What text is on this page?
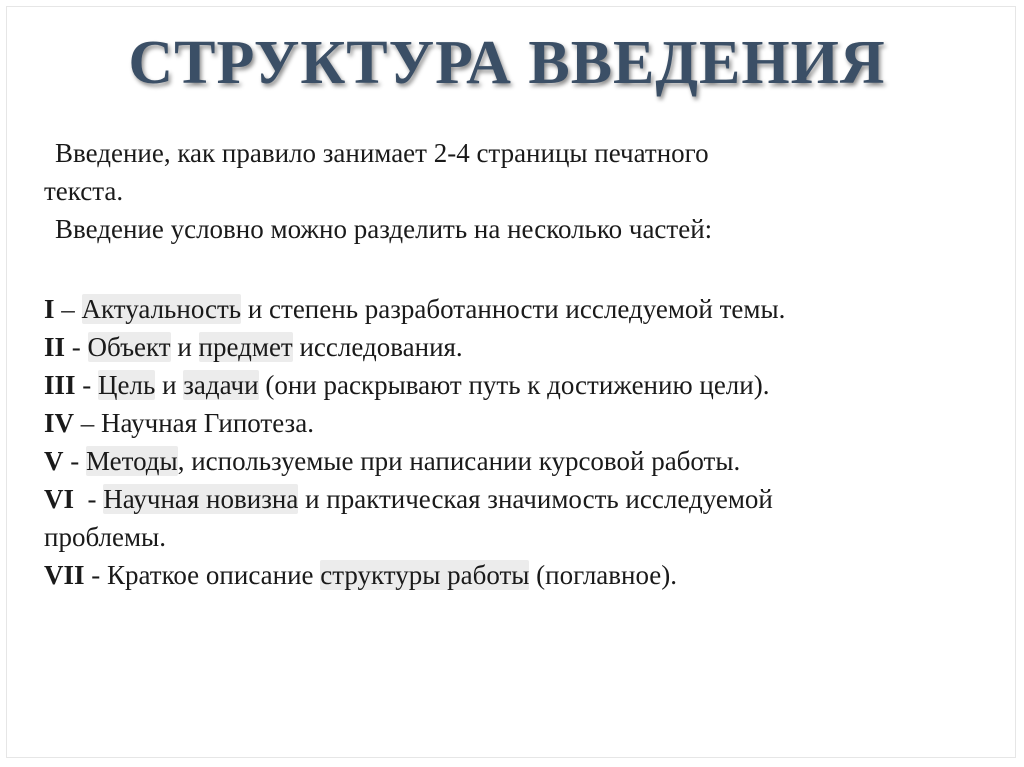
СТРУКТУРА ВВЕДЕНИЯ
Введение, как правило занимает 2-4 страницы печатного
текста.
Введение условно можно разделить на несколько частей:
I – Актуальность и степень разработанности исследуемой темы.
II - Объект и предмет исследования.
III - Цель и задачи (они раскрывают путь к достижению цели).
IV – Научная Гипотеза.
V - Методы, используемые при написании курсовой работы.
VI  - Научная новизна и практическая значимость исследуемой
проблемы.
VII - Краткое описание структуры работы (поглавное).
